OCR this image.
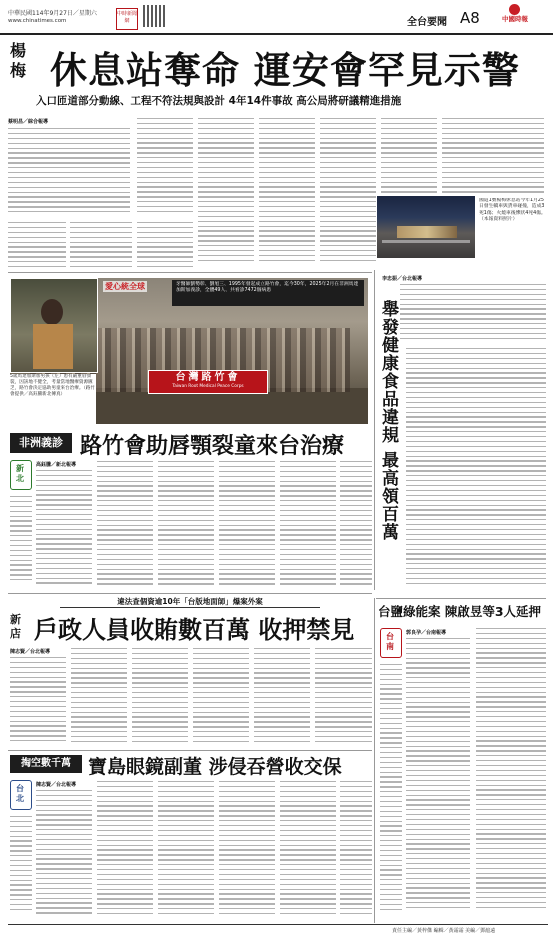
中華民國114年9月27日／星期六
www.chinatimes.com
中時新聞網	全台要聞 A8	中國時報
楊梅 休息站奪命 運安會罕見示警
入口匝道部分動線、工程不符法規與設計 4年14件事故 高公局將研議精進措施
蔡明昌／綜合報導
國道1號楊梅休息站今年1月25日發生轎車與貨車碰撞，造成3死1傷；火燒車後慘狀4死4傷。（本報資料照片）
愛心統全球	牙醫師劉勢彰、劉旭三、1995年發起成立路竹會，迄今30年，2025年2月在非洲馬達加斯加義診，全體49人、共看診7472個病患
台灣路竹會
Taiwan Root Medical Peace Corps
5歲馬達加斯加男孩（左）患有嚴重唇顎裂，因該地不健全，考量當地醫療資源匱乏，路竹會決定協助男童來台治療。（路竹會提供／高鈺騰新北傳真）
非洲義診 路竹會助唇顎裂童來台治療
新北
高鈺騰／新北報導
李忠振／台北報導
舉發健康食品違規 最高領百萬
違法查個資逾10年「台版地面師」爆案外案
新店 戶政人員收賄數百萬 收押禁見
陳志賢／台北報導
掏空數千萬 寶島眼鏡副董 涉侵吞營收交保
台北
陳志賢／台北報導
台鹽綠能案 陳啟昱等3人延押
台南
郭良孕／台南報導
責任主編／黃梓傑 編輯／黃霜霜 美編／鄧滬遠
